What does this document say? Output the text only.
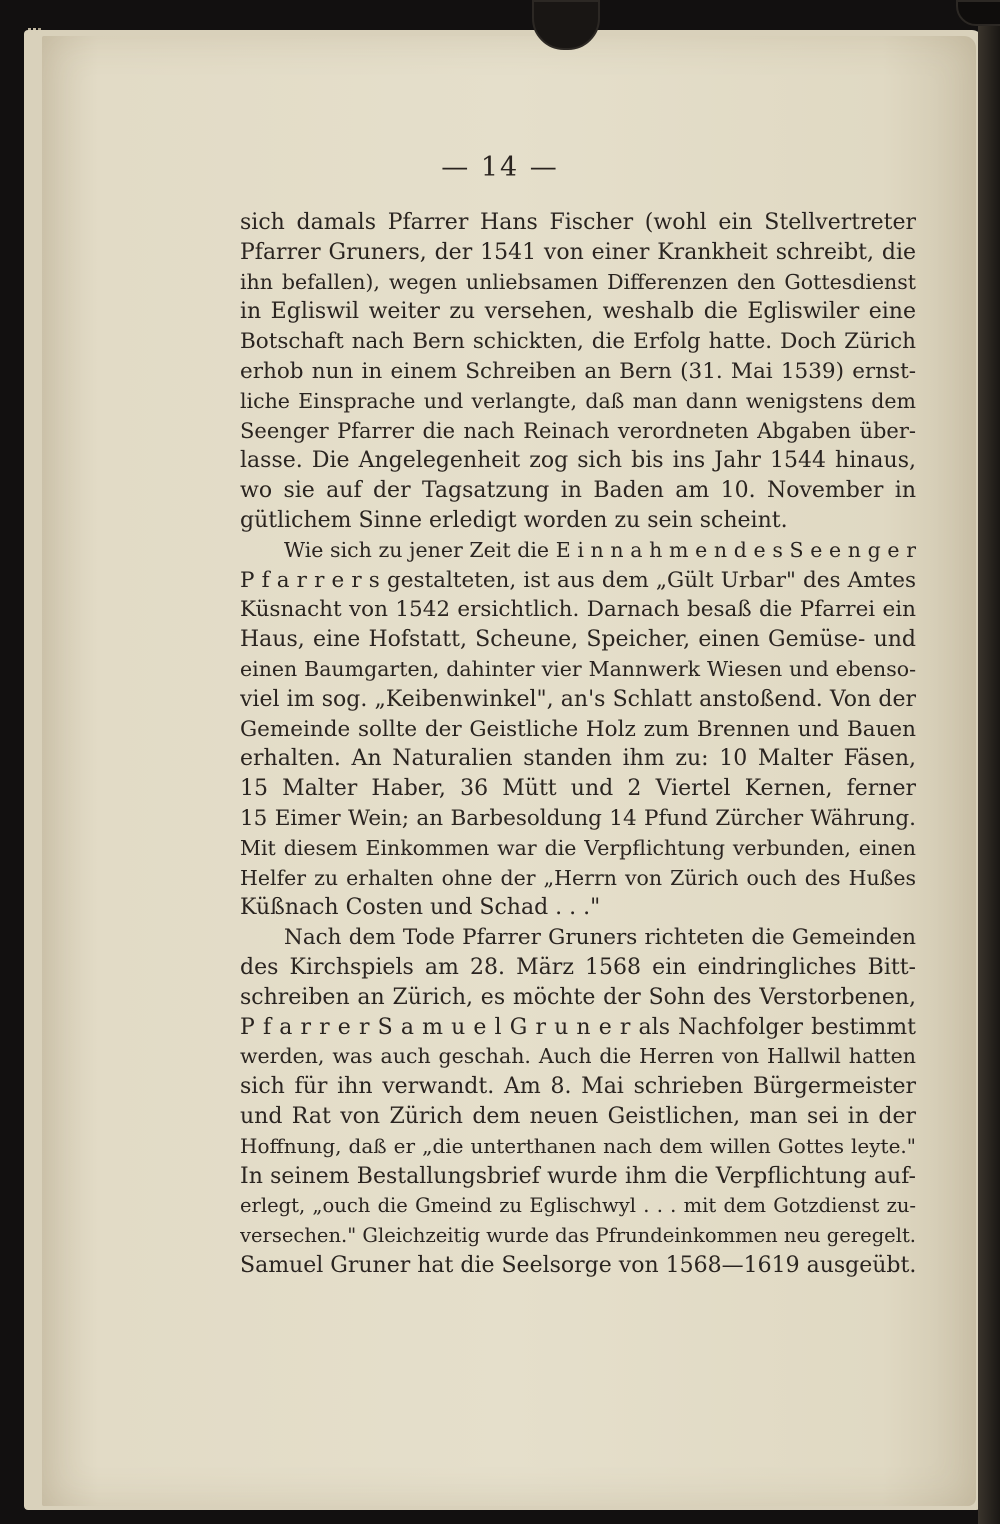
— 14 —
sich damals Pfarrer Hans Fischer (wohl ein Stellvertreter
Pfarrer Gruners, der 1541 von einer Krankheit schreibt, die
ihn befallen), wegen unliebsamen Differenzen den Gottesdienst
in Egliswil weiter zu versehen, weshalb die Egliswiler eine
Botschaft nach Bern schickten, die Erfolg hatte. Doch Zürich
erhob nun in einem Schreiben an Bern (31. Mai 1539) ernst-
liche Einsprache und verlangte, daß man dann wenigstens dem
Seenger Pfarrer die nach Reinach verordneten Abgaben über-
lasse. Die Angelegenheit zog sich bis ins Jahr 1544 hinaus,
wo sie auf der Tagsatzung in Baden am 10. November in
gütlichem Sinne erledigt worden zu sein scheint.
Wie sich zu jener Zeit die E i n n a h m e n d e s S e e n g e r
P f a r r e r s gestalteten, ist aus dem „Gült Urbar" des Amtes
Küsnacht von 1542 ersichtlich. Darnach besaß die Pfarrei ein
Haus, eine Hofstatt, Scheune, Speicher, einen Gemüse- und
einen Baumgarten, dahinter vier Mannwerk Wiesen und ebenso-
viel im sog. „Keibenwinkel", an's Schlatt anstoßend. Von der
Gemeinde sollte der Geistliche Holz zum Brennen und Bauen
erhalten. An Naturalien standen ihm zu: 10 Malter Fäsen,
15 Malter Haber, 36 Mütt und 2 Viertel Kernen, ferner
15 Eimer Wein; an Barbesoldung 14 Pfund Zürcher Währung.
Mit diesem Einkommen war die Verpflichtung verbunden, einen
Helfer zu erhalten ohne der „Herrn von Zürich ouch des Hußes
Küßnach Costen und Schad . . ."
Nach dem Tode Pfarrer Gruners richteten die Gemeinden
des Kirchspiels am 28. März 1568 ein eindringliches Bitt-
schreiben an Zürich, es möchte der Sohn des Verstorbenen,
P f a r r e r S a m u e l G r u n e r als Nachfolger bestimmt
werden, was auch geschah. Auch die Herren von Hallwil hatten
sich für ihn verwandt. Am 8. Mai schrieben Bürgermeister
und Rat von Zürich dem neuen Geistlichen, man sei in der
Hoffnung, daß er „die unterthanen nach dem willen Gottes leyte."
In seinem Bestallungsbrief wurde ihm die Verpflichtung auf-
erlegt, „ouch die Gmeind zu Eglischwyl . . . mit dem Gotzdienst zu-
versechen." Gleichzeitig wurde das Pfrundeinkommen neu geregelt.
Samuel Gruner hat die Seelsorge von 1568—1619 ausgeübt.
